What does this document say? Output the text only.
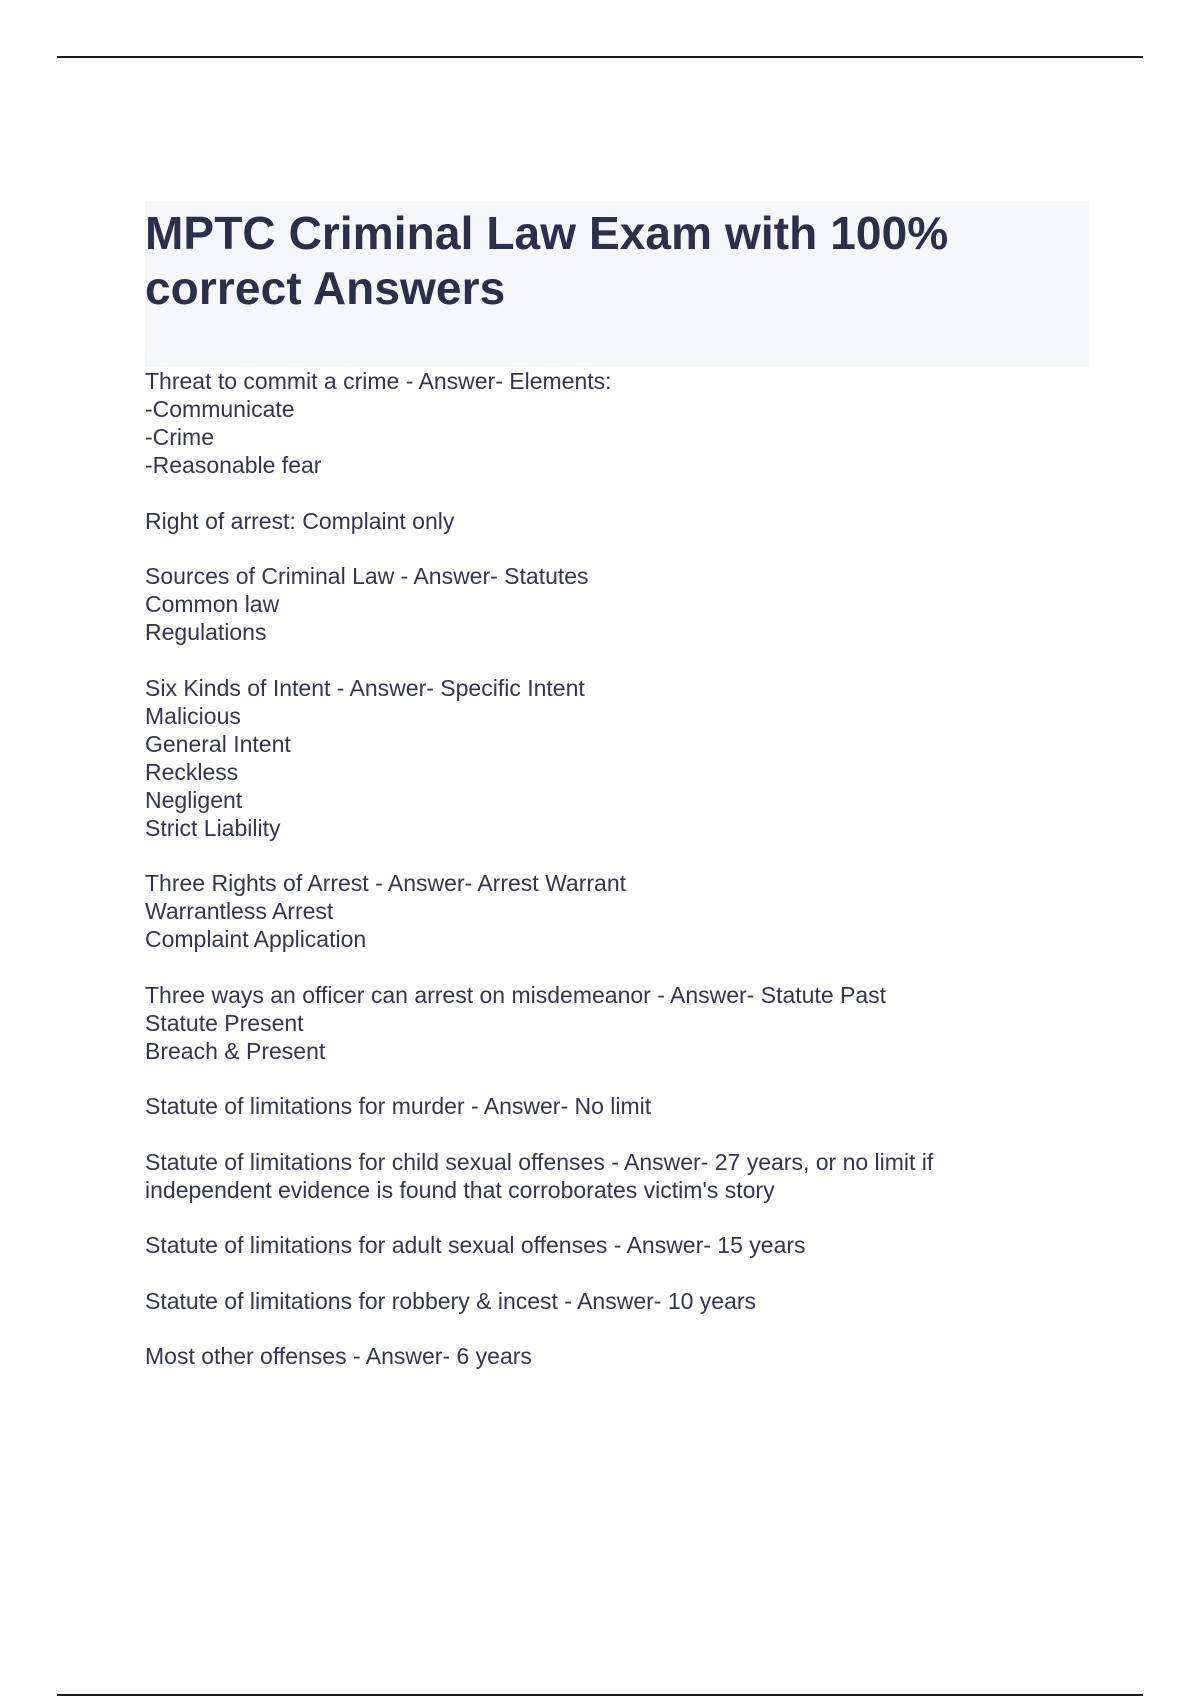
MPTC Criminal Law Exam with 100%
correct Answers
Threat to commit a crime - Answer- Elements:
-Communicate
-Crime
-Reasonable fear
Right of arrest: Complaint only
Sources of Criminal Law - Answer- Statutes
Common law
Regulations
Six Kinds of Intent - Answer- Specific Intent
Malicious
General Intent
Reckless
Negligent
Strict Liability
Three Rights of Arrest - Answer- Arrest Warrant
Warrantless Arrest
Complaint Application
Three ways an officer can arrest on misdemeanor - Answer- Statute Past
Statute Present
Breach & Present
Statute of limitations for murder - Answer- No limit
Statute of limitations for child sexual offenses - Answer- 27 years, or no limit if
independent evidence is found that corroborates victim's story
Statute of limitations for adult sexual offenses - Answer- 15 years
Statute of limitations for robbery & incest - Answer- 10 years
Most other offenses - Answer- 6 years
